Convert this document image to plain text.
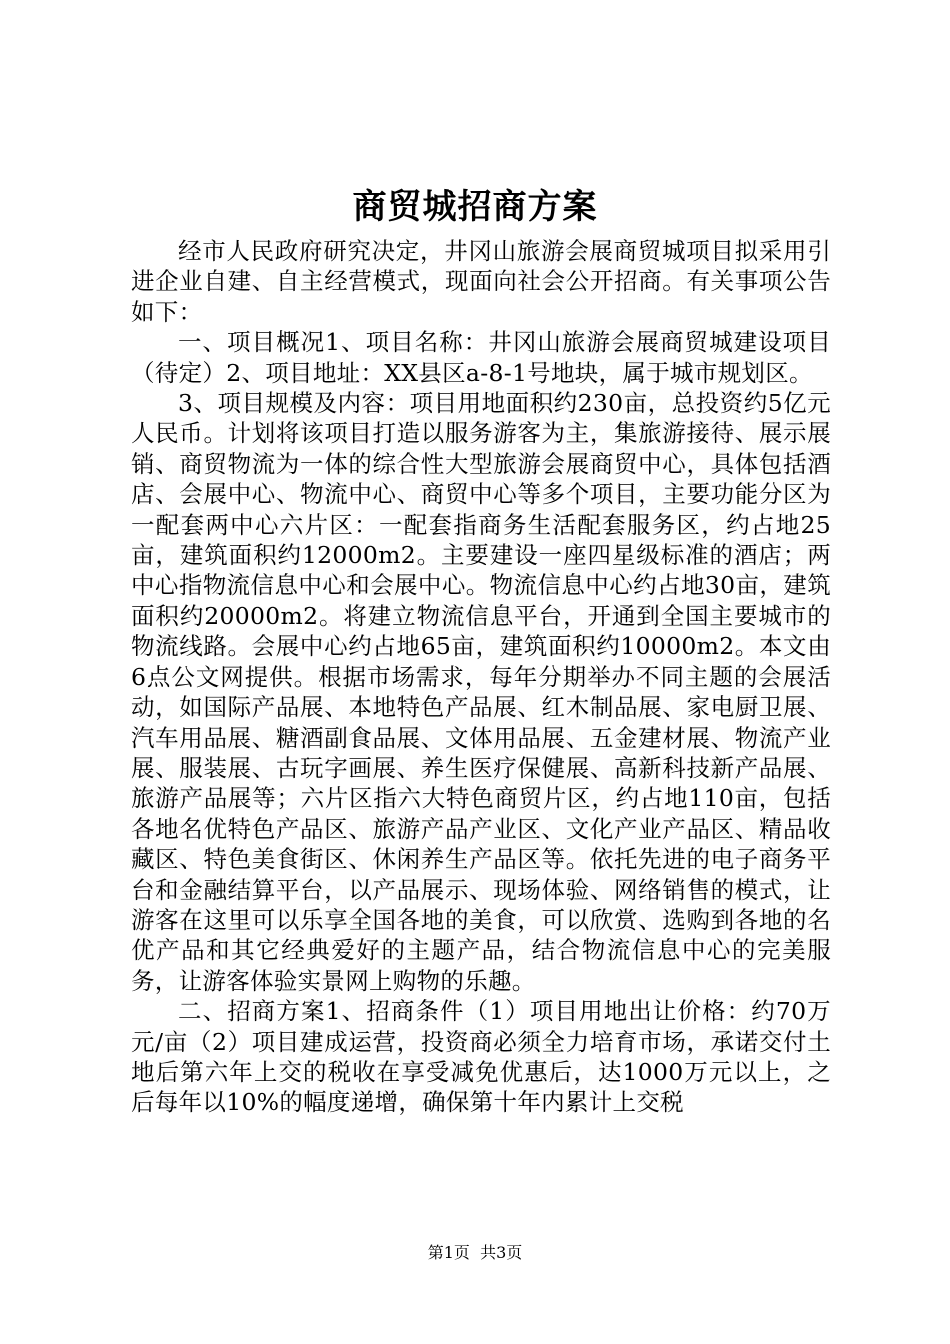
商贸城招商方案

经市人民政府研究决定，井冈山旅游会展商贸城项目拟采用引进企业自建、自主经营模式，现面向社会公开招商。有关事项公告如下：

一、项目概况1、项目名称：井冈山旅游会展商贸城建设项目（待定）2、项目地址：XX县区a-8-1号地块，属于城市规划区。

3、项目规模及内容：项目用地面积约230亩，总投资约5亿元人民币。计划将该项目打造以服务游客为主，集旅游接待、展示展销、商贸物流为一体的综合性大型旅游会展商贸中心，具体包括酒店、会展中心、物流中心、商贸中心等多个项目，主要功能分区为一配套两中心六片区：一配套指商务生活配套服务区，约占地25亩，建筑面积约12000m2。主要建设一座四星级标准的酒店；两中心指物流信息中心和会展中心。物流信息中心约占地30亩，建筑面积约20000m2。将建立物流信息平台，开通到全国主要城市的物流线路。会展中心约占地65亩，建筑面积约10000m2。本文由6点公文网提供。根据市场需求，每年分期举办不同主题的会展活动，如国际产品展、本地特色产品展、红木制品展、家电厨卫展、汽车用品展、糖酒副食品展、文体用品展、五金建材展、物流产业展、服装展、古玩字画展、养生医疗保健展、高新科技新产品展、旅游产品展等；六片区指六大特色商贸片区，约占地110亩，包括各地名优特色产品区、旅游产品产业区、文化产业产品区、精品收藏区、特色美食街区、休闲养生产品区等。依托先进的电子商务平台和金融结算平台，以产品展示、现场体验、网络销售的模式，让游客在这里可以乐享全国各地的美食，可以欣赏、选购到各地的名优产品和其它经典爱好的主题产品，结合物流信息中心的完美服务，让游客体验实景网上购物的乐趣。

二、招商方案1、招商条件（1）项目用地出让价格：约70万元/亩（2）项目建成运营，投资商必须全力培育市场，承诺交付土地后第六年上交的税收在享受减免优惠后，达1000万元以上，之后每年以10%的幅度递增，确保第十年内累计上交税

第1页  共3页
